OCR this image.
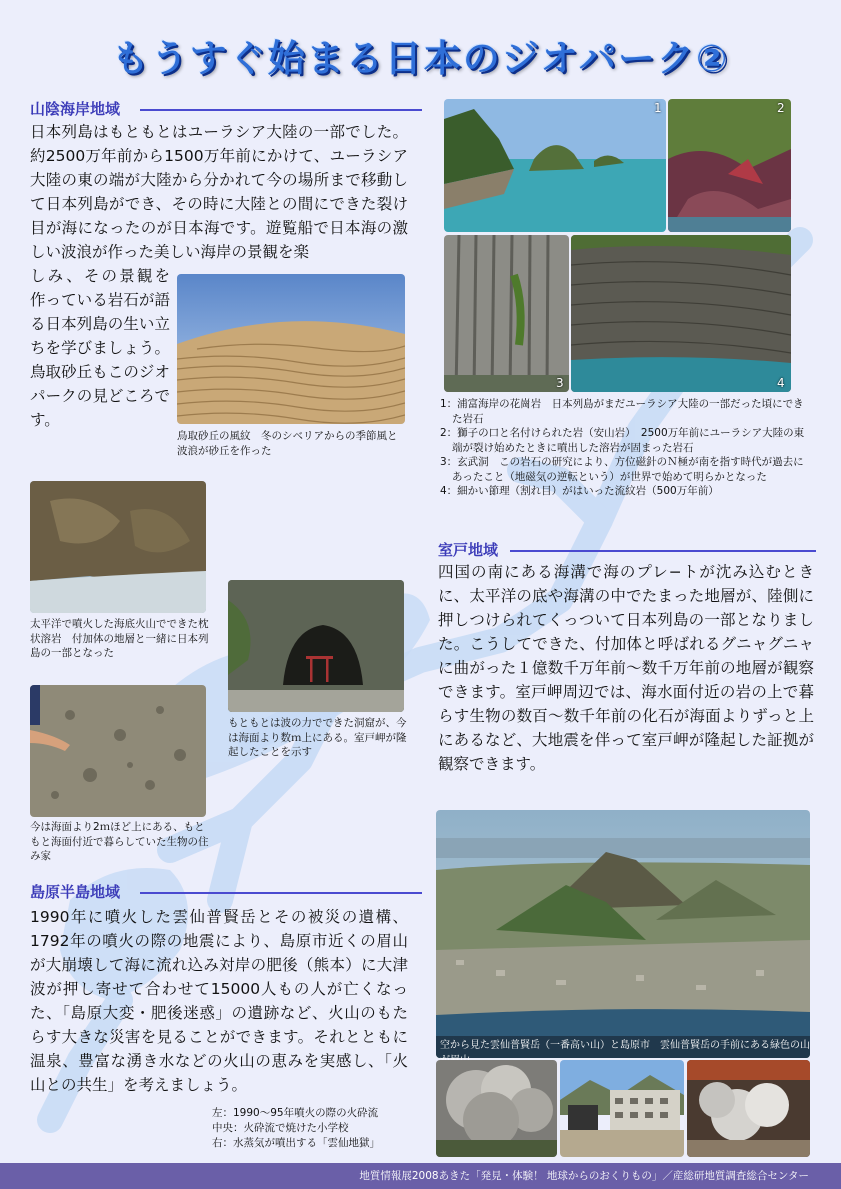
もうすぐ始まる日本のジオパーク②
山陰海岸地域
日本列島はもともとはユーラシア大陸の一部でした。約2500万年前から1500万年前にかけて、ユーラシア大陸の東の端が大陸から分かれて今の場所まで移動して日本列島ができ、その時に大陸との間にできた裂け目が海になったのが日本海です。遊覧船で日本海の激しい波浪が作った美しい海岸の景観を楽
しみ、その景観を作っている岩石が語る日本列島の生い立ちを学びましょう。鳥取砂丘もこのジオパークの見どころです。
鳥取砂丘の風紋　冬のシベリアからの季節風と波浪が砂丘を作った
1	2
3	4

1：浦富海岸の花崗岩　日本列島がまだユーラシア大陸の一部だった頃にできた岩石

2：獅子の口と名付けられた岩（安山岩）　2500万年前にユーラシア大陸の東端が裂け始めたときに噴出した溶岩が固まった岩石

3：玄武洞　この岩石の研究により、方位磁針のＮ極が南を指す時代が過去にあったこと（地磁気の逆転という）が世界で始めて明らかとなった

4：細かい節理（割れ目）がはいった流紋岩（500万年前）

太平洋で噴火した海底火山でできた枕状溶岩　付加体の地層と一緒に日本列島の一部となった
もともとは波の力でできた洞窟が、今は海面より数ｍ上にある。室戸岬が隆起したことを示す
今は海面より2ｍほど上にある、もともと海面付近で暮らしていた生物の住み家
室戸地域
四国の南にある海溝で海のプレ−トが沈み込むときに、太平洋の底や海溝の中でたまった地層が、陸側に押しつけられてくっついて日本列島の一部となりました。こうしてできた、付加体と呼ばれるグニャグニャに曲がった１億数千万年前〜数千万年前の地層が観察できます。室戸岬周辺では、海水面付近の岩の上で暮らす生物の数百〜数千年前の化石が海面よりずっと上にあるなど、大地震を伴って室戸岬が隆起した証拠が観察できます。
島原半島地域
1990年に噴火した雲仙普賢岳とその被災の遺構、1792年の噴火の際の地震により、島原市近くの眉山が大崩壊して海に流れ込み対岸の肥後（熊本）に大津波が押し寄せて合わせて15000人もの人が亡くなった、「島原大変・肥後迷惑」の遺跡など、火山のもたらす大きな災害を見ることができます。それとともに温泉、豊富な湧き水などの火山の恵みを実感し、「火山との共生」を考えましょう。
左：1990〜95年噴火の際の火砕流
中央：火砕流で焼けた小学校
右：水蒸気が噴出する「雲仙地獄」
空から見た雲仙普賢岳（一番高い山）と島原市　雲仙普賢岳の手前にある緑色の山
地質情報展2008あきた「発見・体験！ 地球からのおくりもの」／産総研地質調査総合センター
